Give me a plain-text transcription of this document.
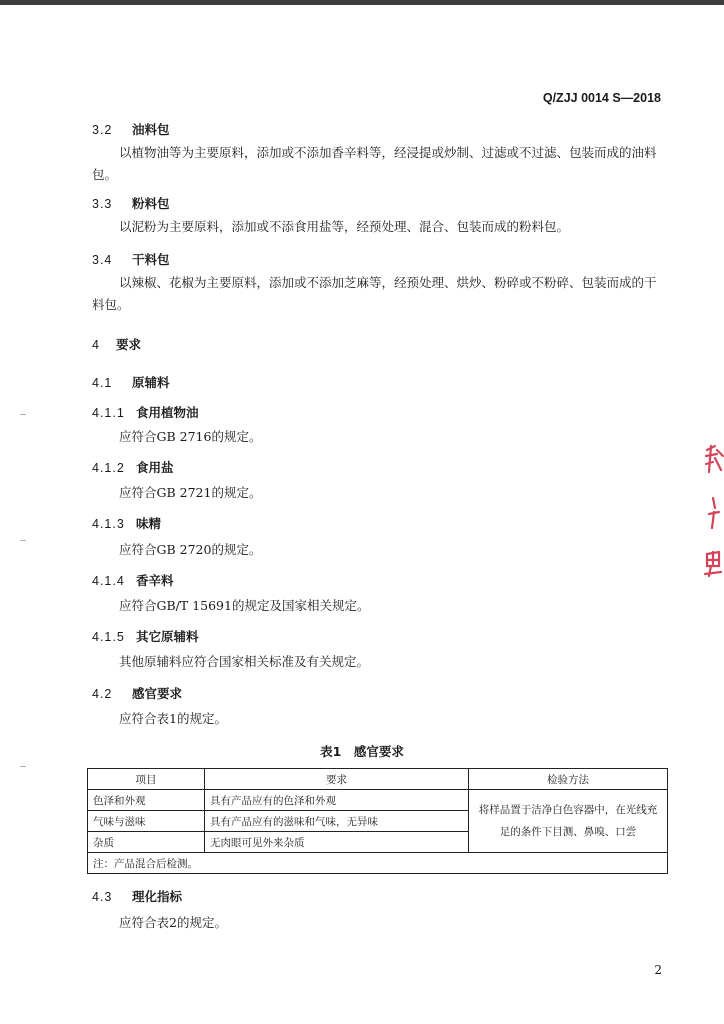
Q/ZJJ 0014 S—2018
3.2 油料包
以植物油等为主要原料，添加或不添加香辛料等，经浸提或炒制、过滤或不过滤、包装而成的油料包。
3.3 粉料包
以泥粉为主要原料，添加或不添食用盐等，经预处理、混合、包装而成的粉料包。
3.4 干料包
以辣椒、花椒为主要原料，添加或不添加芝麻等，经预处理、烘炒、粉碎或不粉碎、包装而成的干料包。
4 要求
4.1 原辅料
4.1.1 食用植物油
应符合GB 2716的规定。
4.1.2 食用盐
应符合GB 2721的规定。
4.1.3 味精
应符合GB 2720的规定。
4.1.4 香辛料
应符合GB/T 15691的规定及国家相关规定。
4.1.5 其它原辅料
其他原辅料应符合国家相关标准及有关规定。
4.2 感官要求
应符合表1的规定。
表1　感官要求
项目	要求	检验方法
色泽和外观	具有产品应有的色泽和外观	将样品置于洁净白色容器中，在光线充足的条件下目测、鼻嗅、口尝
气味与滋味	具有产品应有的滋味和气味，无异味	
杂质	无肉眼可见外来杂质	
注：产品混合后检测。		
4.3 理化指标
应符合表2的规定。
2
